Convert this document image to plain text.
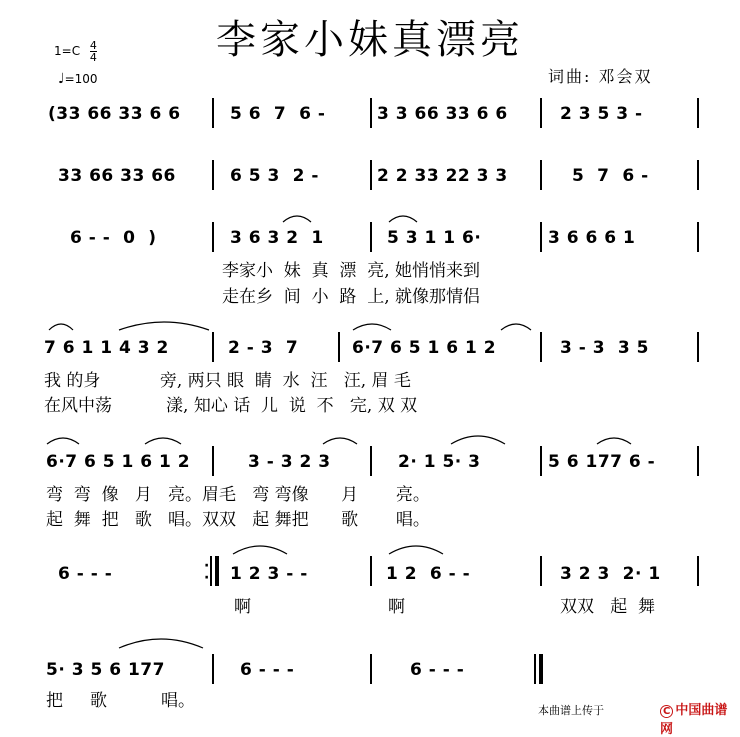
李家小妹真漂亮
$1=C \frac{4}{4}$
♩=100	词曲: 邓会双
(33 66 33 6 6	5 6  7  6 -	3 3 66 33 6 6	2 3 5 3 -
33 66 33 66	6 5 3  2 -	2 2 33 22 3 3	5  7  6 -
6 - -  0  )	3 6 3 2  1	5 3 1 1 6·	3 6 6 6 1
李家小  妹  真  漂  亮, 她悄悄来到
走在乡  间  小  路  上, 就像那情侣
7 6 1 1 4 3 2	2 - 3  7	6·7 6 5 1 6 1 2	3 - 3  3 5
我 的身           旁, 两只 眼  睛  水  汪   汪, 眉 毛
在风中荡          漾, 知心 话  儿  说  不   完, 双 双
6·7 6 5 1 6 1 2	3 - 3 2 3	2· 1 5· 3	5 6 177 6 -
弯  弯  像   月   亮。眉毛   弯 弯像      月       亮。
起  舞  把   歌   唱。双双   起 舞把      歌       唱。
6 - - -	·
· 1 2 3 - -	1 2  6 - -	3 2 3  2· 1
啊	啊	双双   起  舞
5· 3 5 6 177	6 - - -	6 - - -
把     歌          唱。	本曲谱上传于	C 中国曲谱网
